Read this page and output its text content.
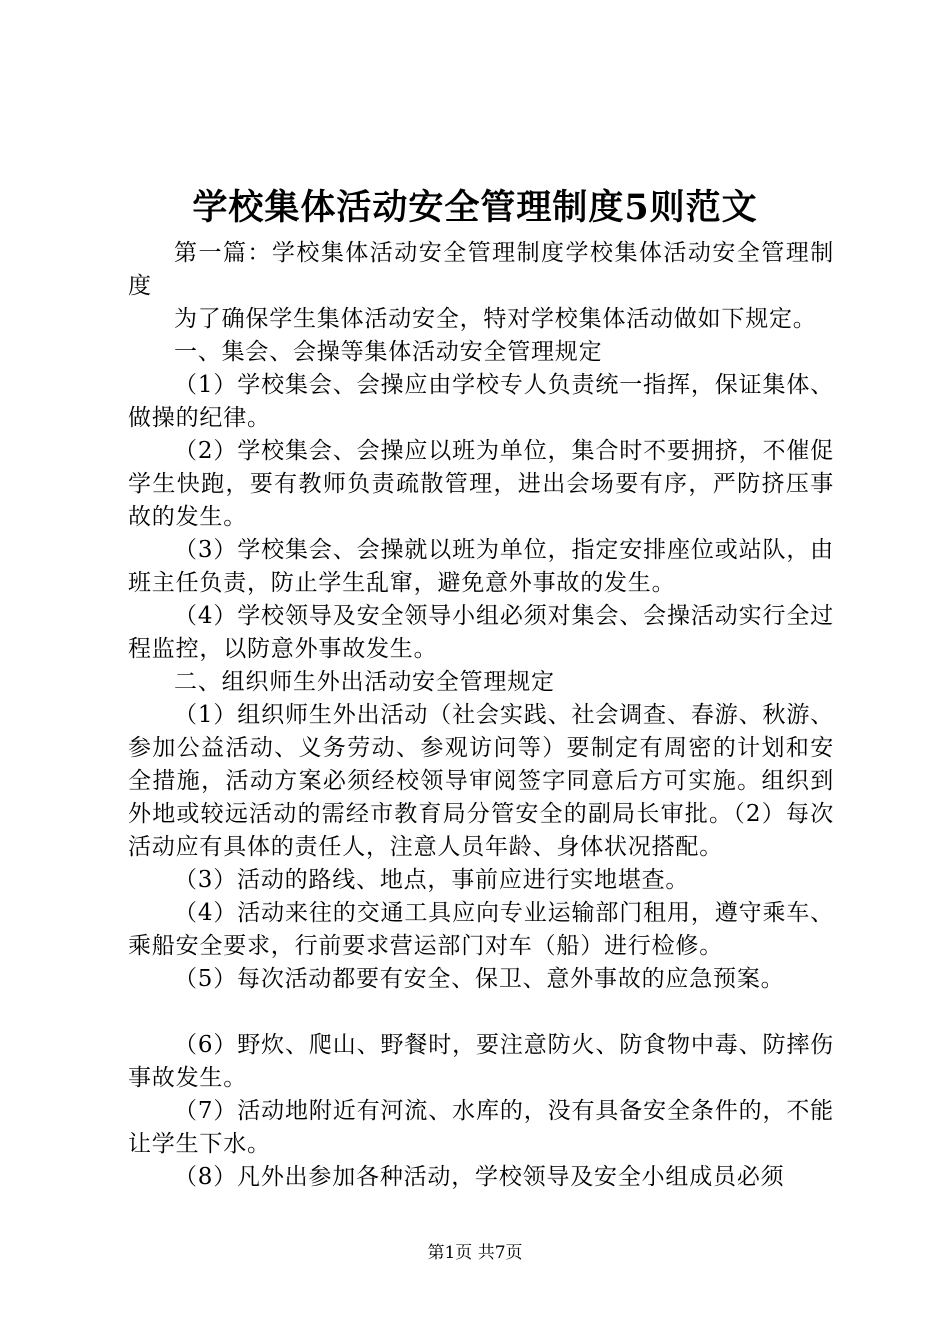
学校集体活动安全管理制度5则范文

第一篇：学校集体活动安全管理制度学校集体活动安全管理制度

为了确保学生集体活动安全，特对学校集体活动做如下规定。

一、集会、会操等集体活动安全管理规定

（1）学校集会、会操应由学校专人负责统一指挥，保证集体、做操的纪律。

（2）学校集会、会操应以班为单位，集合时不要拥挤，不催促学生快跑，要有教师负责疏散管理，进出会场要有序，严防挤压事故的发生。

（3）学校集会、会操就以班为单位，指定安排座位或站队，由班主任负责，防止学生乱窜，避免意外事故的发生。

（4）学校领导及安全领导小组必须对集会、会操活动实行全过程监控，以防意外事故发生。

二、组织师生外出活动安全管理规定

（1）组织师生外出活动（社会实践、社会调查、春游、秋游、参加公益活动、义务劳动、参观访问等）要制定有周密的计划和安全措施，活动方案必须经校领导审阅签字同意后方可实施。组织到外地或较远活动的需经市教育局分管安全的副局长审批。（2）每次活动应有具体的责任人，注意人员年龄、身体状况搭配。

（3）活动的路线、地点，事前应进行实地堪查。

（4）活动来往的交通工具应向专业运输部门租用，遵守乘车、乘船安全要求，行前要求营运部门对车（船）进行检修。

（5）每次活动都要有安全、保卫、意外事故的应急预案。

（6）野炊、爬山、野餐时，要注意防火、防食物中毒、防摔伤事故发生。

（7）活动地附近有河流、水库的，没有具备安全条件的，不能让学生下水。

（8）凡外出参加各种活动，学校领导及安全小组成员必须

第1页 共7页
